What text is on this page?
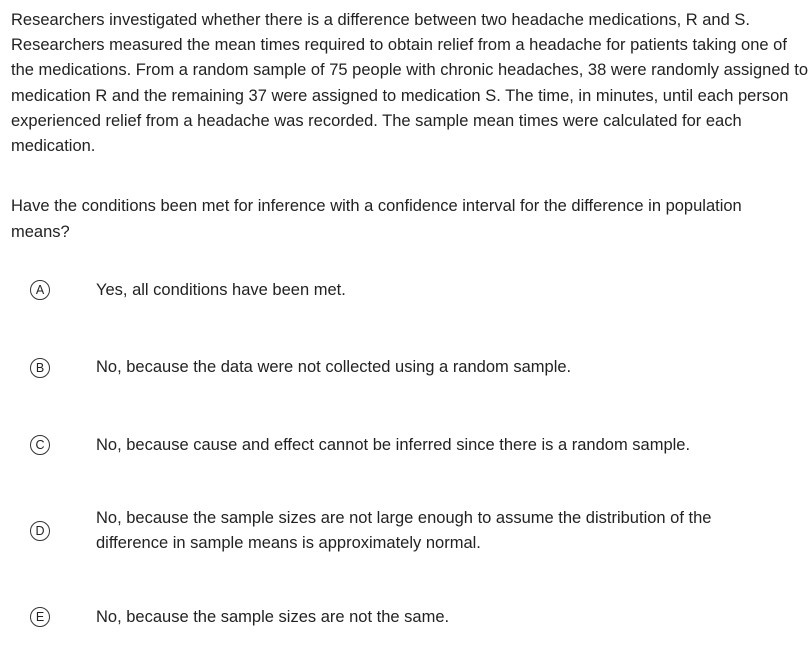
Researchers investigated whether there is a difference between two headache medications, R and S. Researchers measured the mean times required to obtain relief from a headache for patients taking one of the medications. From a random sample of 75 people with chronic headaches, 38 were randomly assigned to medication R and the remaining 37 were assigned to medication S. The time, in minutes, until each person experienced relief from a headache was recorded. The sample mean times were calculated for each medication.

Have the conditions been met for inference with a confidence interval for the difference in population means?

A	Yes, all conditions have been met.
B	No, because the data were not collected using a random sample.
C	No, because cause and effect cannot be inferred since there is a random sample.
D
No, because the sample sizes are not large enough to assume the distribution of the difference in sample means is approximately normal.
E	No, because the sample sizes are not the same.
